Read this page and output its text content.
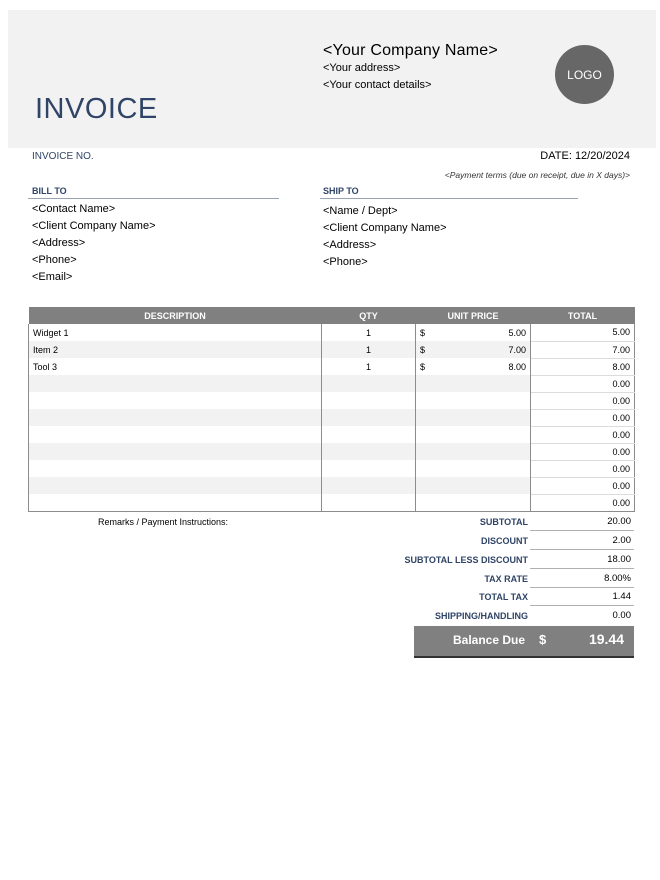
<Your Company Name>
<Your address>
<Your contact details>
LOGO
INVOICE
INVOICE NO.	DATE: 12/20/2024
<Payment terms (due on receipt, due in X days)>
BILL TO
<Contact Name>
<Client Company Name>
<Address>
<Phone>
<Email>
SHIP TO
<Name / Dept>
<Client Company Name>
<Address>
<Phone>
DESCRIPTION	QTY	UNIT PRICE	TOTAL
Widget 1	1	$ 5.00	5.00
Item 2	1	$ 7.00	7.00
Tool 3	1	$ 8.00	8.00
			0.00
			0.00
			0.00
			0.00
			0.00
			0.00
			0.00
			0.00
Remarks / Payment Instructions:	SUBTOTAL	20.00
DISCOUNT	2.00
SUBTOTAL LESS DISCOUNT	18.00
TAX RATE	8.00%
TOTAL TAX	1.44
SHIPPING/HANDLING	0.00
Balance Due $	19.44
